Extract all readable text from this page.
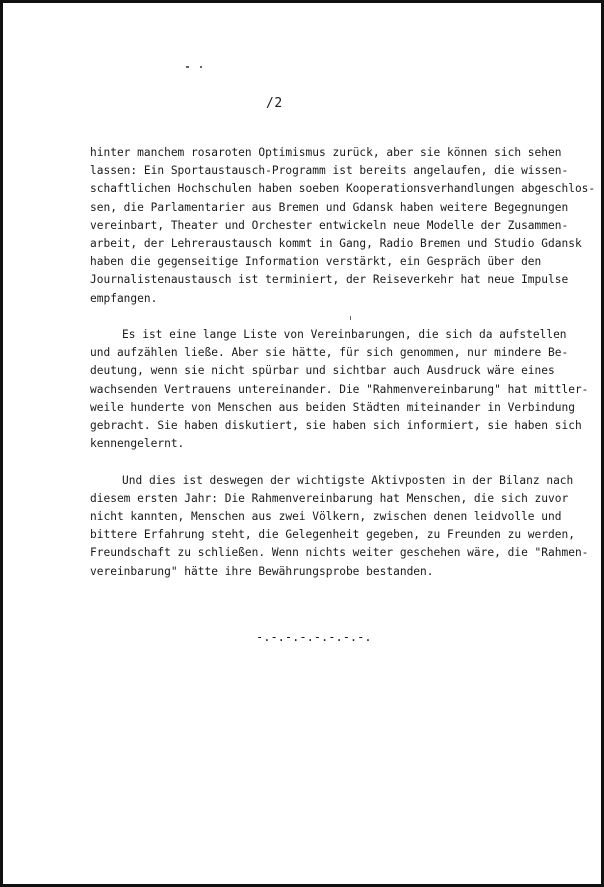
/2

hinter manchem rosaroten Optimismus zurück, aber sie können sich sehen
lassen: Ein Sportaustausch-Programm ist bereits angelaufen, die wissen-
schaftlichen Hochschulen haben soeben Kooperationsverhandlungen abgeschlos-
sen, die Parlamentarier aus Bremen und Gdansk haben weitere Begegnungen
vereinbart, Theater und Orchester entwickeln neue Modelle der Zusammen-
arbeit, der Lehreraustausch kommt in Gang, Radio Bremen und Studio Gdansk
haben die gegenseitige Information verstärkt, ein Gespräch über den
Journalistenaustausch ist terminiert, der Reiseverkehr hat neue Impulse
empfangen.

Es ist eine lange Liste von Vereinbarungen, die sich da aufstellen
und aufzählen ließe. Aber sie hätte, für sich genommen, nur mindere Be-
deutung, wenn sie nicht spürbar und sichtbar auch Ausdruck wäre eines
wachsenden Vertrauens untereinander. Die "Rahmenvereinbarung" hat mittler-
weile hunderte von Menschen aus beiden Städten miteinander in Verbindung
gebracht. Sie haben diskutiert, sie haben sich informiert, sie haben sich
kennengelernt.

Und dies ist deswegen der wichtigste Aktivposten in der Bilanz nach
diesem ersten Jahr: Die Rahmenvereinbarung hat Menschen, die sich zuvor
nicht kannten, Menschen aus zwei Völkern, zwischen denen leidvolle und
bittere Erfahrung steht, die Gelegenheit gegeben, zu Freunden zu werden,
Freundschaft zu schließen. Wenn nichts weiter geschehen wäre, die "Rahmen-
vereinbarung" hätte ihre Bewährungsprobe bestanden.

-.-.-.-.-.-.-.-.
